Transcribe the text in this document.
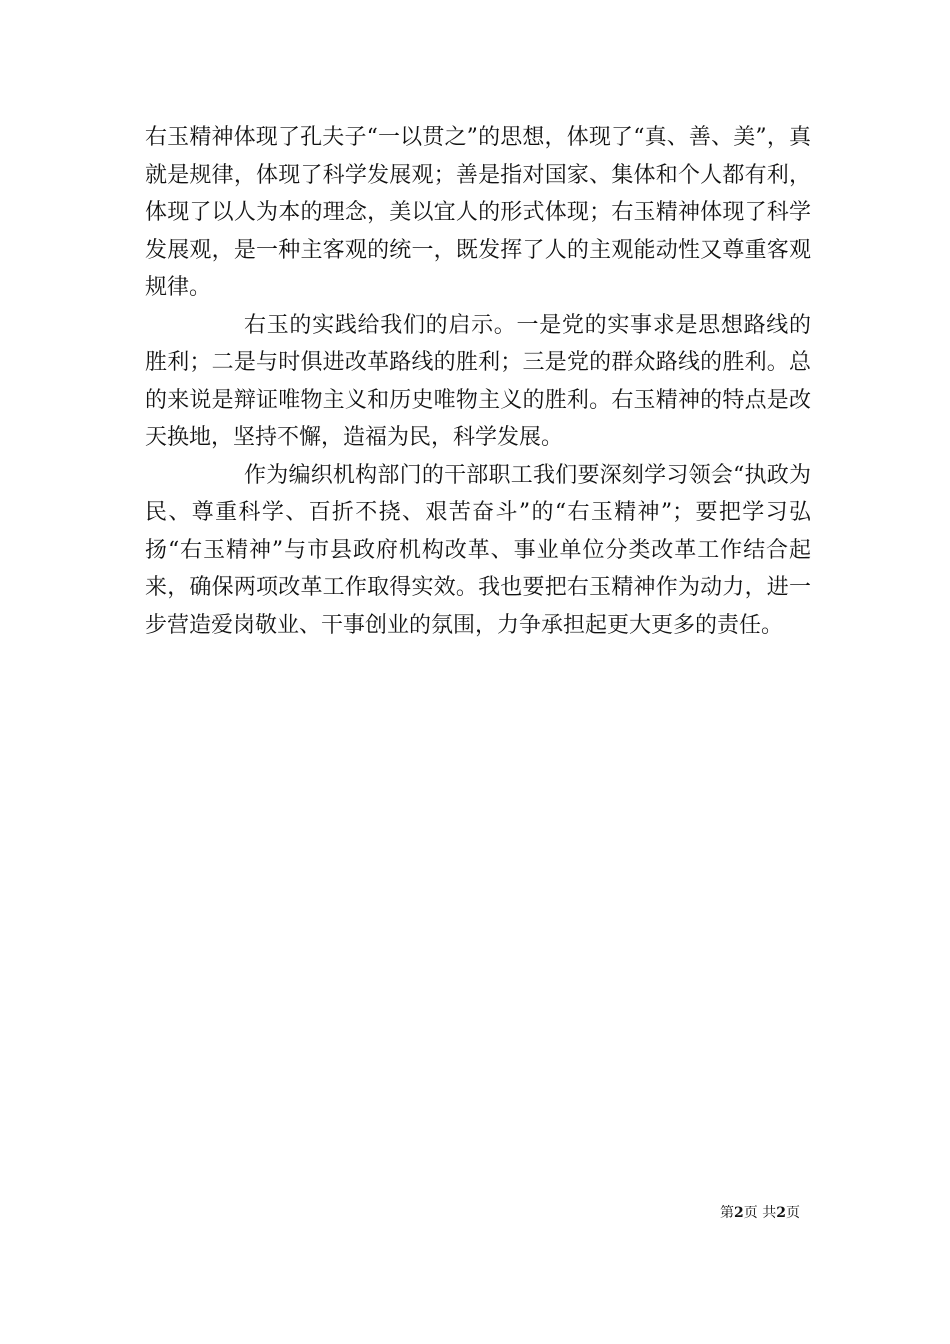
右玉精神体现了孔夫子“一以贯之”的思想，体现了“真、善、美”，真就是规律，体现了科学发展观；善是指对国家、集体和个人都有利，体现了以人为本的理念，美以宜人的形式体现；右玉精神体现了科学发展观，是一种主客观的统一，既发挥了人的主观能动性又尊重客观规律。

右玉的实践给我们的启示。一是党的实事求是思想路线的胜利；二是与时俱进改革路线的胜利；三是党的群众路线的胜利。总的来说是辩证唯物主义和历史唯物主义的胜利。右玉精神的特点是改天换地，坚持不懈，造福为民，科学发展。

作为编织机构部门的干部职工我们要深刻学习领会“执政为民、尊重科学、百折不挠、艰苦奋斗”的“右玉精神”；要把学习弘扬“右玉精神”与市县政府机构改革、事业单位分类改革工作结合起来，确保两项改革工作取得实效。我也要把右玉精神作为动力，进一步营造爱岗敬业、干事创业的氛围，力争承担起更大更多的责任。

第2页 共2页
